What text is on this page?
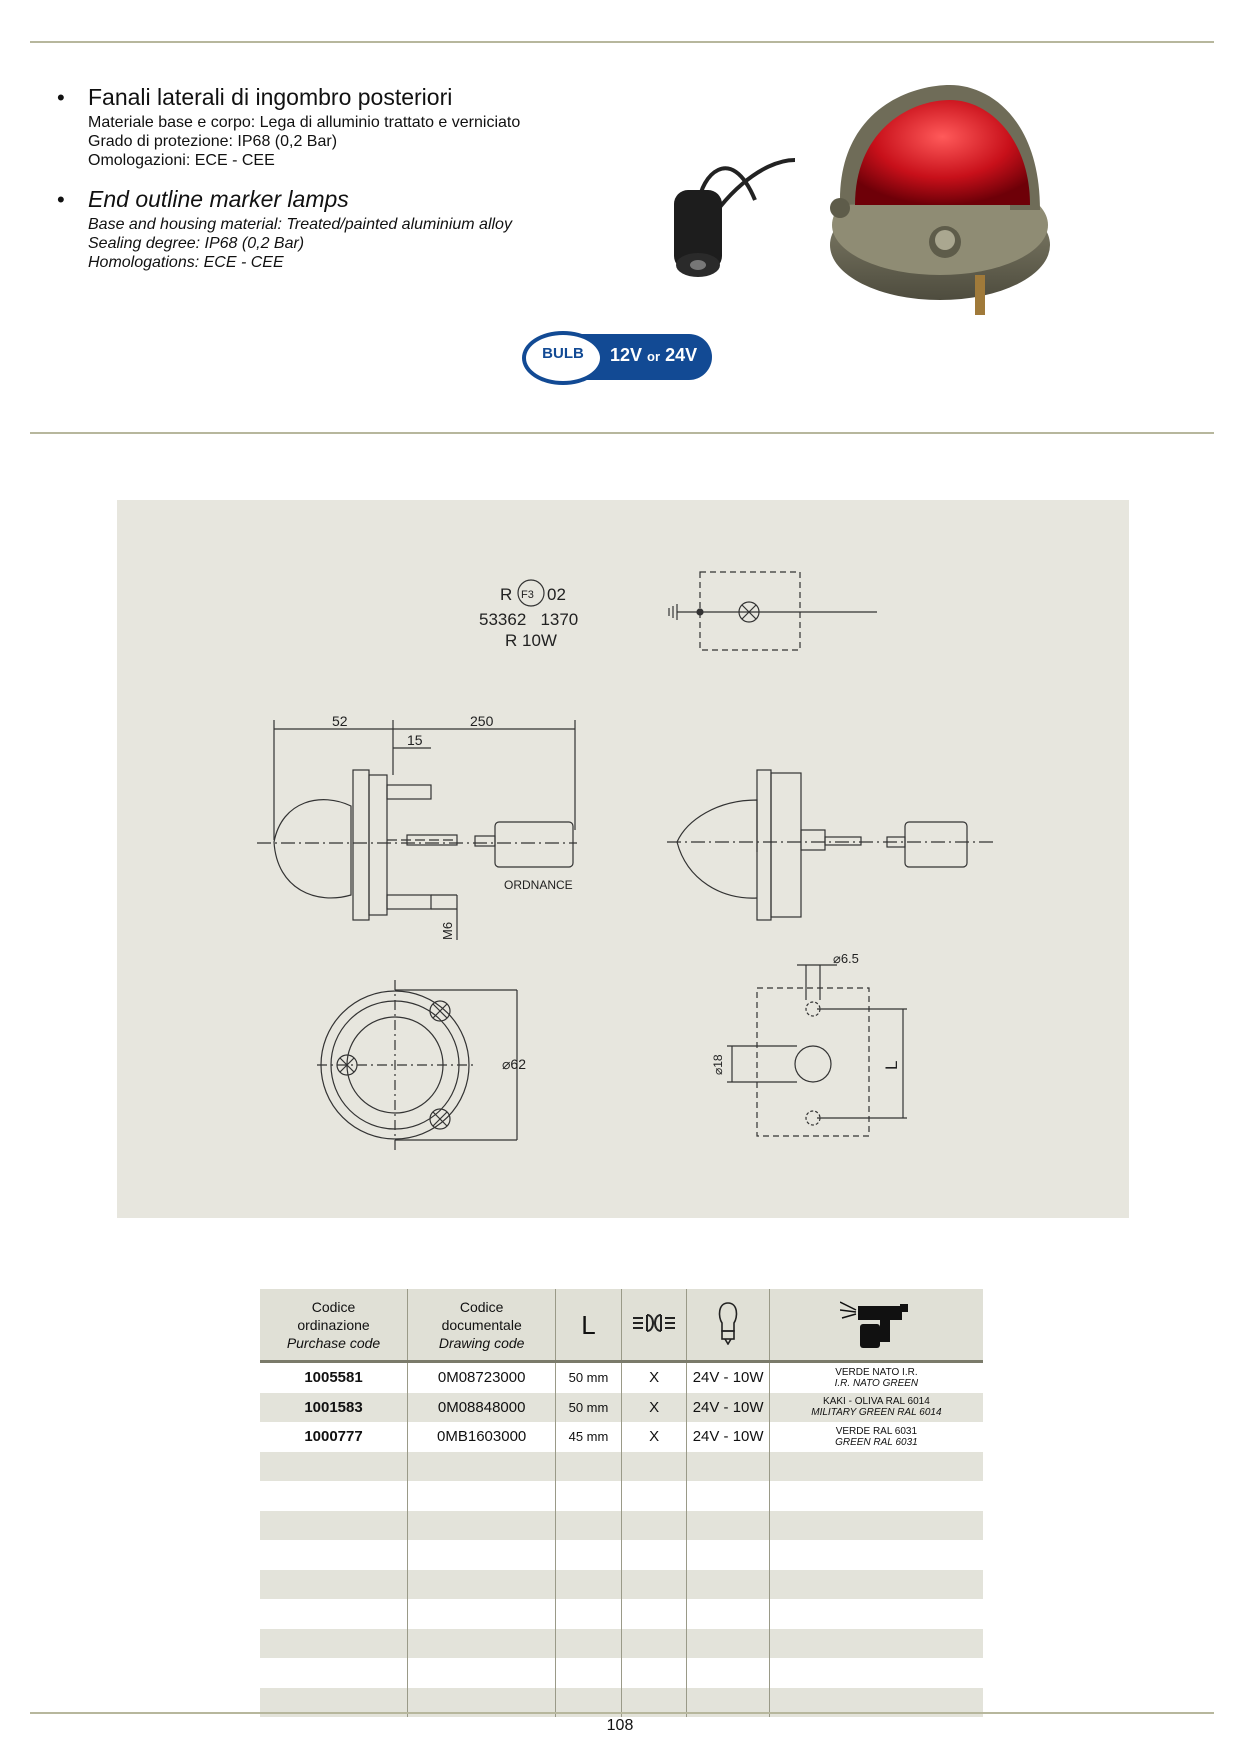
• Fanali laterali di ingombro posteriori

Materiale base e corpo: Lega di alluminio trattato e verniciato

Grado di protezione: IP68 (0,2 Bar)

Omologazioni: ECE - CEE

• End outline marker lamps

Base and housing material: Treated/painted aluminium alloy

Sealing degree: IP68 (0,2 Bar)

Homologations: ECE - CEE

BULB	12V or 24V
R F3 02
53362   1370
R 10W
52	250
15
ORDNANCE
M6
⌀62
⌀6.5
⌀18	L
Codice
ordinazione
Purchase code	Codice
documentale
Drawing code	L			
1005581	0M08723000	50 mm	X	24V - 10W	VERDE NATO I.R.
I.R. NATO GREEN

1001583	0M08848000	50 mm	X	24V - 10W	KAKI - OLIVA RAL 6014
MILITARY GREEN RAL 6014

1000777	0MB1603000	45 mm	X	24V - 10W	VERDE RAL 6031
GREEN RAL 6031

108
